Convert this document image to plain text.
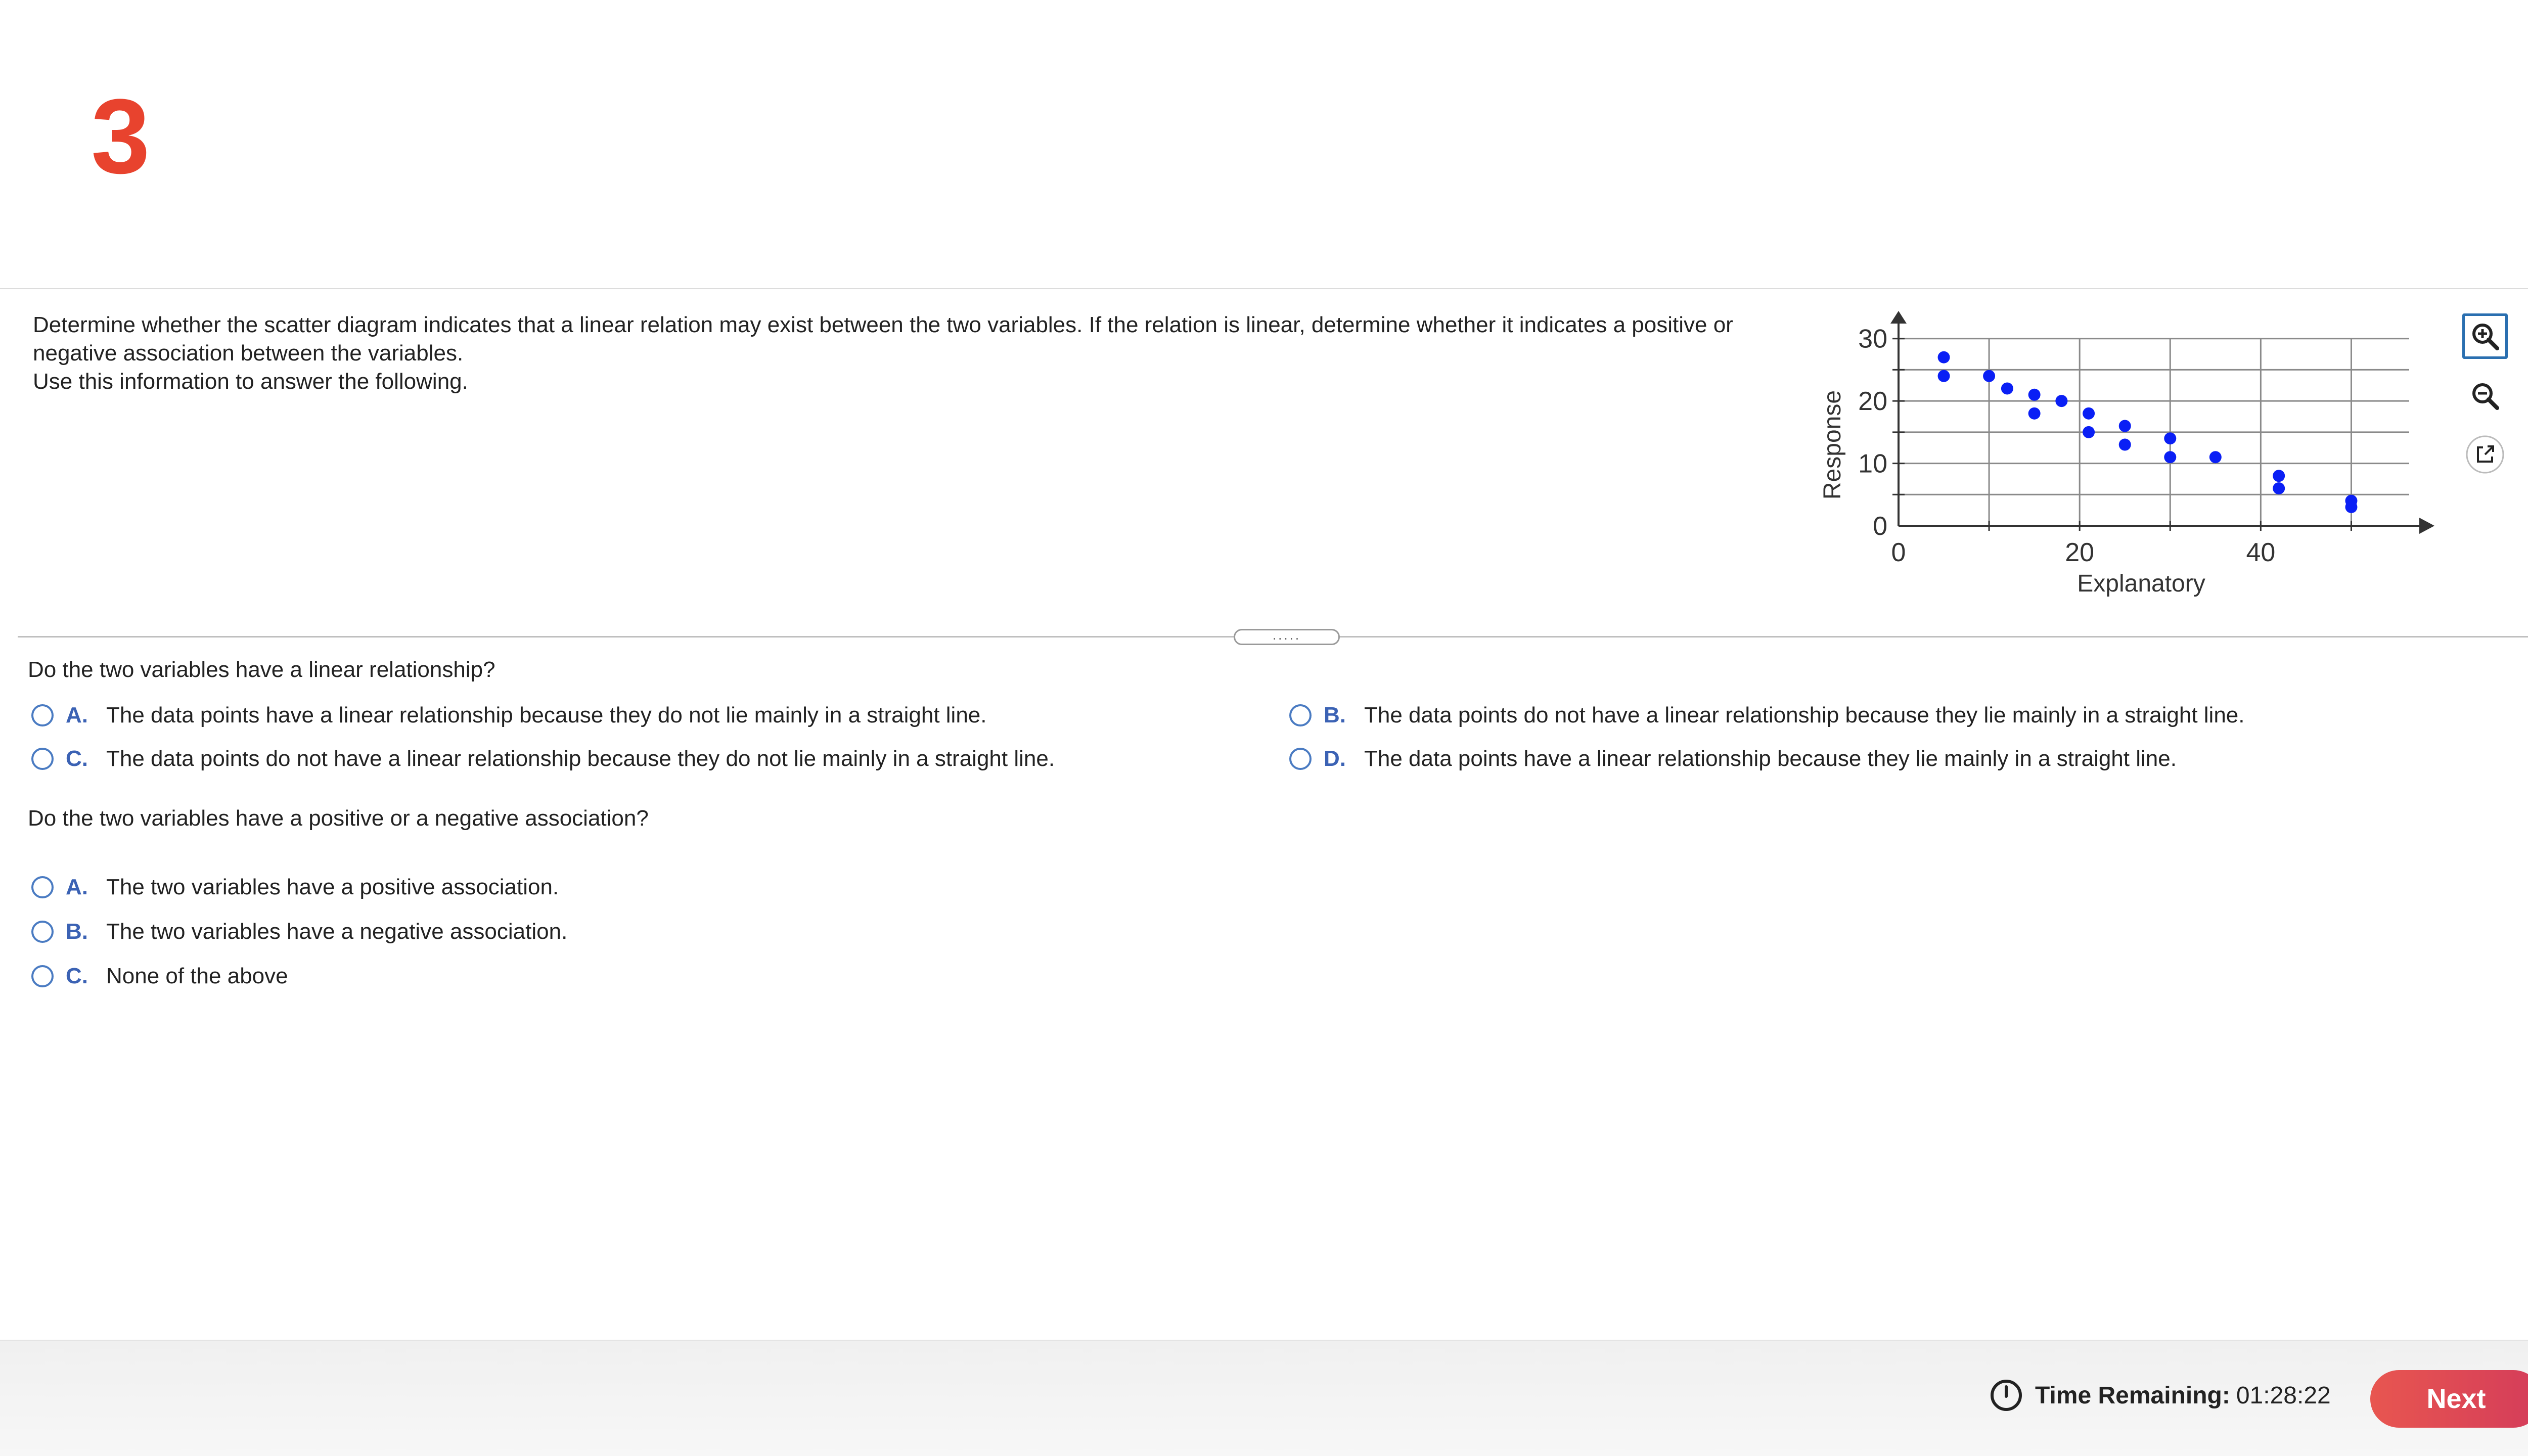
3
Determine whether the scatter diagram indicates that a linear relation may exist between the two variables. If the relation is linear, determine whether it indicates a positive or negative association between the variables.
Use this information to answer the following.
0	20	40
0
10
20
30
Explanatory
Response
.....
Do the two variables have a linear relationship?
A. The data points have a linear relationship because they do not lie mainly in a straight line.	B. The data points do not have a linear relationship because they lie mainly in a straight line.
C. The data points do not have a linear relationship because they do not lie mainly in a straight line.	D. The data points have a linear relationship because they lie mainly in a straight line.
Do the two variables have a positive or a negative association?
A. The two variables have a positive association.
B. The two variables have a negative association.
C. None of the above
Time Remaining: 01:28:22	Next
